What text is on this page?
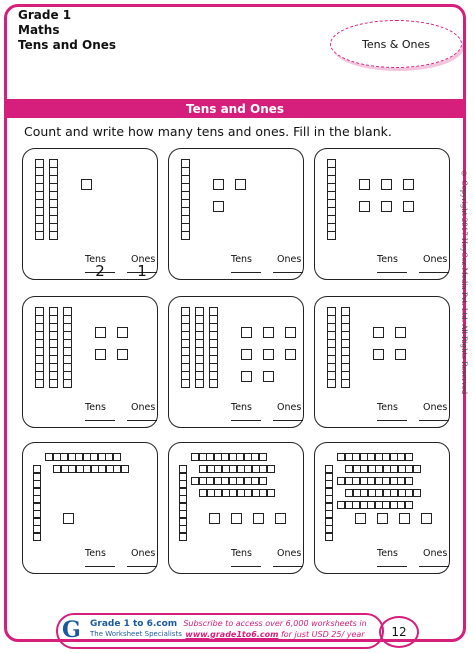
Grade 1
Maths
Tens and Ones	Tens & Ones
Tens and Ones
Count and write how many tens and ones. Fill in the blank.
Tens	Ones
2	1
Tens	Ones	Tens	Ones
Tens	Ones	Tens	Ones	Tens	Ones
Tens	Ones	Tens	Ones	Tens	Ones
© Copyright 2017 HeyCoz Media Pvt. Ltd. All Rights Reserved
G	Grade 1 to 6.com
The Worksheet Specialists
Subscribe to access over 6,000 worksheets in
www.grade1to6.com for just USD 25/ year	12
